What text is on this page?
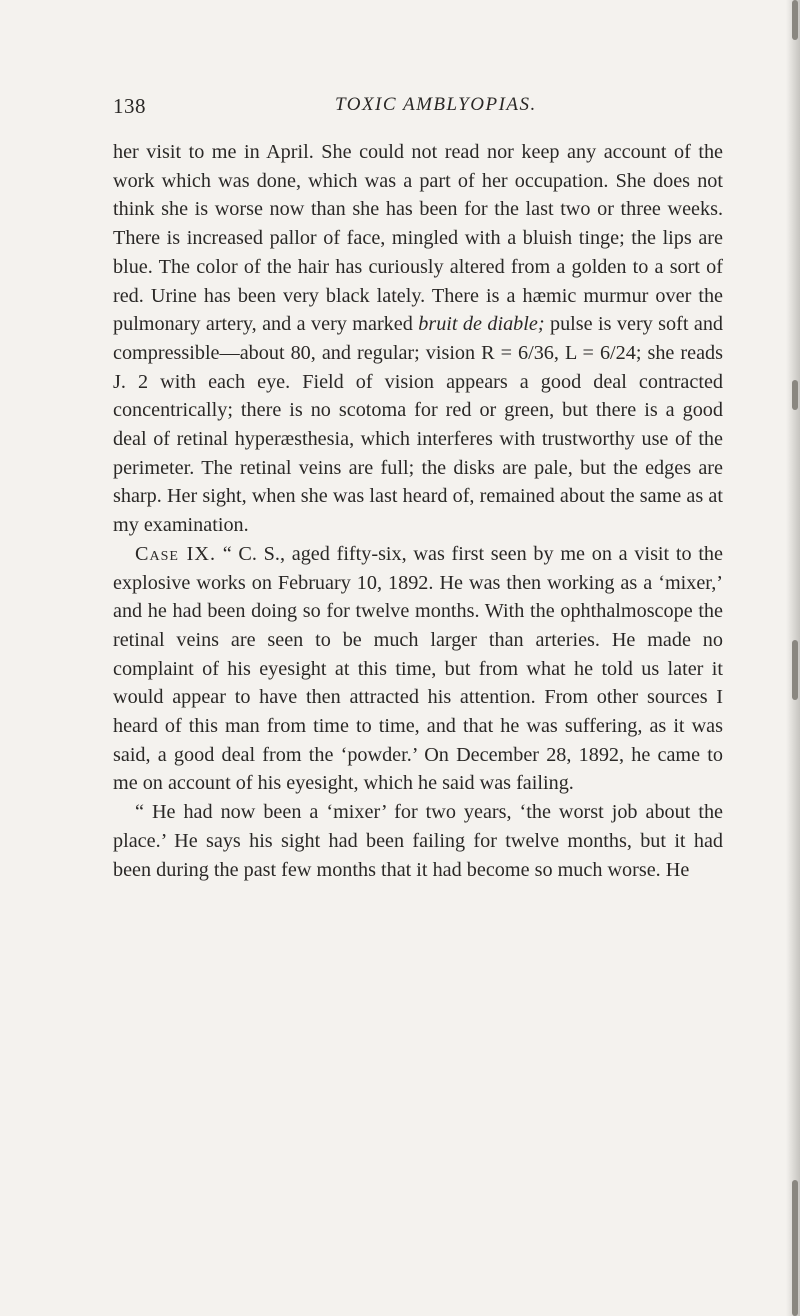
138	TOXIC AMBLYOPIAS.

her visit to me in April. She could not read nor keep any account of the work which was done, which was a part of her occupation. She does not think she is worse now than she has been for the last two or three weeks. There is increased pallor of face, mingled with a bluish tinge; the lips are blue. The color of the hair has curiously altered from a golden to a sort of red. Urine has been very black lately. There is a hæmic murmur over the pulmonary artery, and a very marked bruit de diable; pulse is very soft and compressible—about 80, and regular; vision R = 6/36, L = 6/24; she reads J. 2 with each eye. Field of vision appears a good deal contracted concentrically; there is no scotoma for red or green, but there is a good deal of retinal hyperæsthesia, which interferes with trustworthy use of the perimeter. The retinal veins are full; the disks are pale, but the edges are sharp. Her sight, when she was last heard of, remained about the same as at my examination.

Case IX. “ C. S., aged fifty-six, was first seen by me on a visit to the explosive works on February 10, 1892. He was then working as a ‘mixer,’ and he had been doing so for twelve months. With the ophthalmoscope the retinal veins are seen to be much larger than arteries. He made no complaint of his eyesight at this time, but from what he told us later it would appear to have then attracted his attention. From other sources I heard of this man from time to time, and that he was suffering, as it was said, a good deal from the ‘powder.’ On December 28, 1892, he came to me on account of his eyesight, which he said was failing.

“ He had now been a ‘mixer’ for two years, ‘the worst job about the place.’ He says his sight had been failing for twelve months, but it had been during the past few months that it had become so much worse. He
